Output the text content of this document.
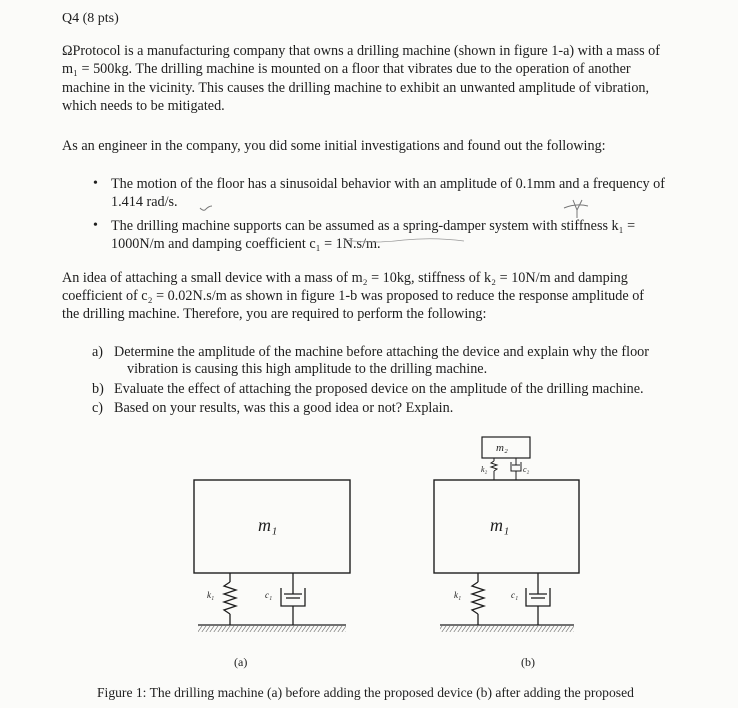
Q4 (8 pts)
ΩProtocol is a manufacturing company that owns a drilling machine (shown in figure 1-a) with a mass of
m₁ = 500kg. The drilling machine is mounted on a floor that vibrates due to the operation of another
machine in the vicinity. This causes the drilling machine to exhibit an unwanted amplitude of vibration,
which needs to be mitigated.
As an engineer in the company, you did some initial investigations and found out the following:
• The motion of the floor has a sinusoidal behavior with an amplitude of 0.1mm and a frequency of
1.414 rad/s.
• The drilling machine supports can be assumed as a spring-damper system with stiffness k₁ =
1000N/m and damping coefficient c₁ = 1N.s/m.
An idea of attaching a small device with a mass of m₂ = 10kg, stiffness of k₂ = 10N/m and damping
coefficient of c₂ = 0.02N.s/m as shown in figure 1-b was proposed to reduce the response amplitude of
the drilling machine. Therefore, you are required to perform the following:
a) Determine the amplitude of the machine before attaching the device and explain why the floor
vibration is causing this high amplitude to the drilling machine.
b) Evaluate the effect of attaching the proposed device on the amplitude of the drilling machine.
c) Based on your results, was this a good idea or not? Explain.
m₁
k₁	c₁
(a)
m₂
k₂	c₂
m₁
k₁	c₁
(b)
Figure 1: The drilling machine (a) before adding the proposed device (b) after adding the proposed
